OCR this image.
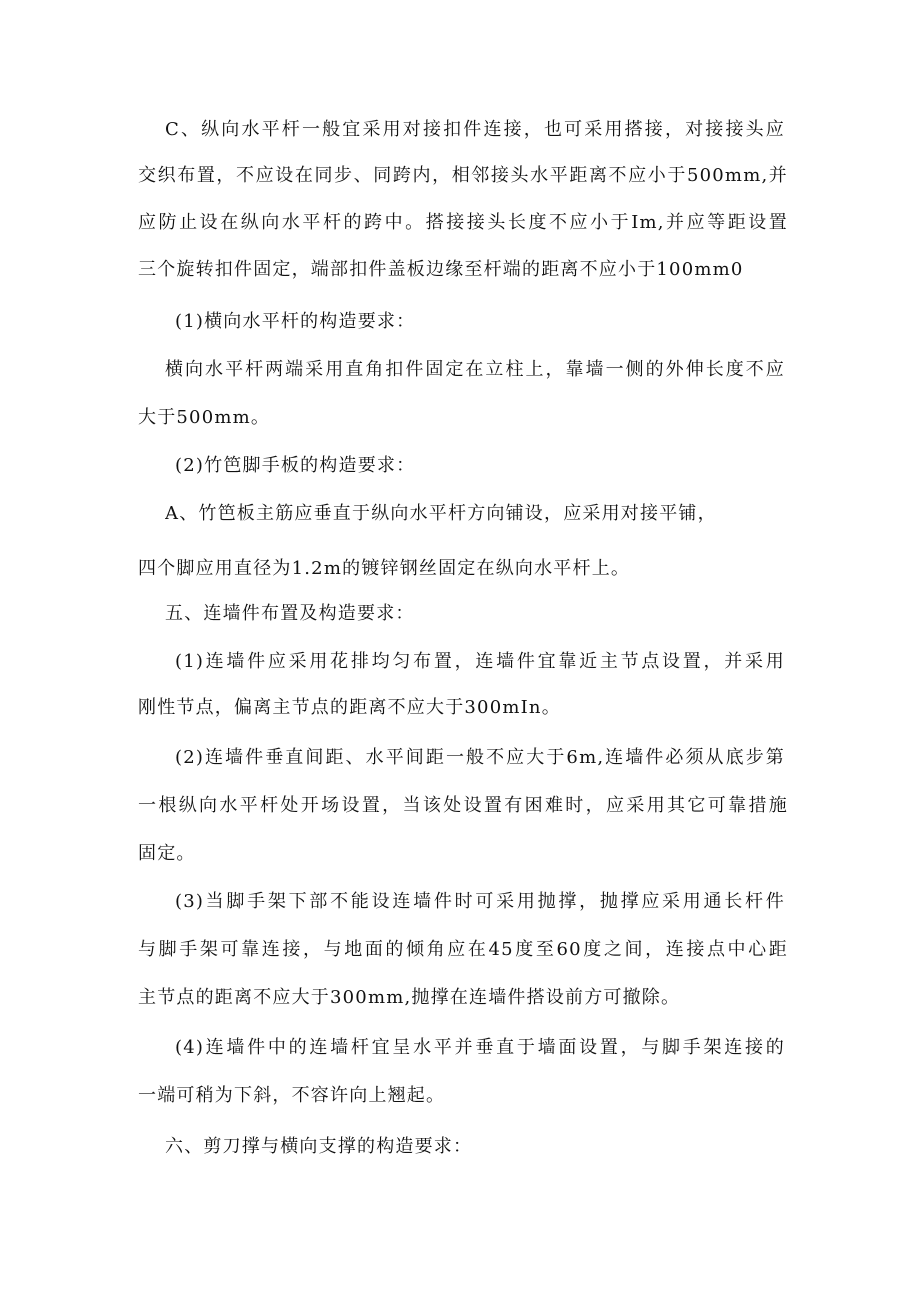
C、纵向水平杆一般宜采用对接扣件连接，也可采用搭接，对接接头应
交织布置，不应设在同步、同跨内，相邻接头水平距离不应小于500mm,并
应防止设在纵向水平杆的跨中。搭接接头长度不应小于Im,并应等距设置
三个旋转扣件固定，端部扣件盖板边缘至杆端的距离不应小于100mm0
(1)横向水平杆的构造要求：
横向水平杆两端采用直角扣件固定在立柱上，靠墙一侧的外伸长度不应
大于500mm。
(2)竹笆脚手板的构造要求：
A、竹笆板主筋应垂直于纵向水平杆方向铺设，应采用对接平铺，
四个脚应用直径为1.2m的镀锌钢丝固定在纵向水平杆上。
五、连墙件布置及构造要求：
(1)连墙件应采用花排均匀布置，连墙件宜靠近主节点设置，并采用
刚性节点，偏离主节点的距离不应大于300mIn。
(2)连墙件垂直间距、水平间距一般不应大于6m,连墙件必须从底步第
一根纵向水平杆处开场设置，当该处设置有困难时，应采用其它可靠措施
固定。
(3)当脚手架下部不能设连墙件时可采用抛撑，抛撑应采用通长杆件
与脚手架可靠连接，与地面的倾角应在45度至60度之间，连接点中心距
主节点的距离不应大于300mm,抛撑在连墙件搭设前方可撤除。
(4)连墙件中的连墙杆宜呈水平并垂直于墙面设置，与脚手架连接的
一端可稍为下斜，不容许向上翘起。
六、剪刀撑与横向支撑的构造要求：
